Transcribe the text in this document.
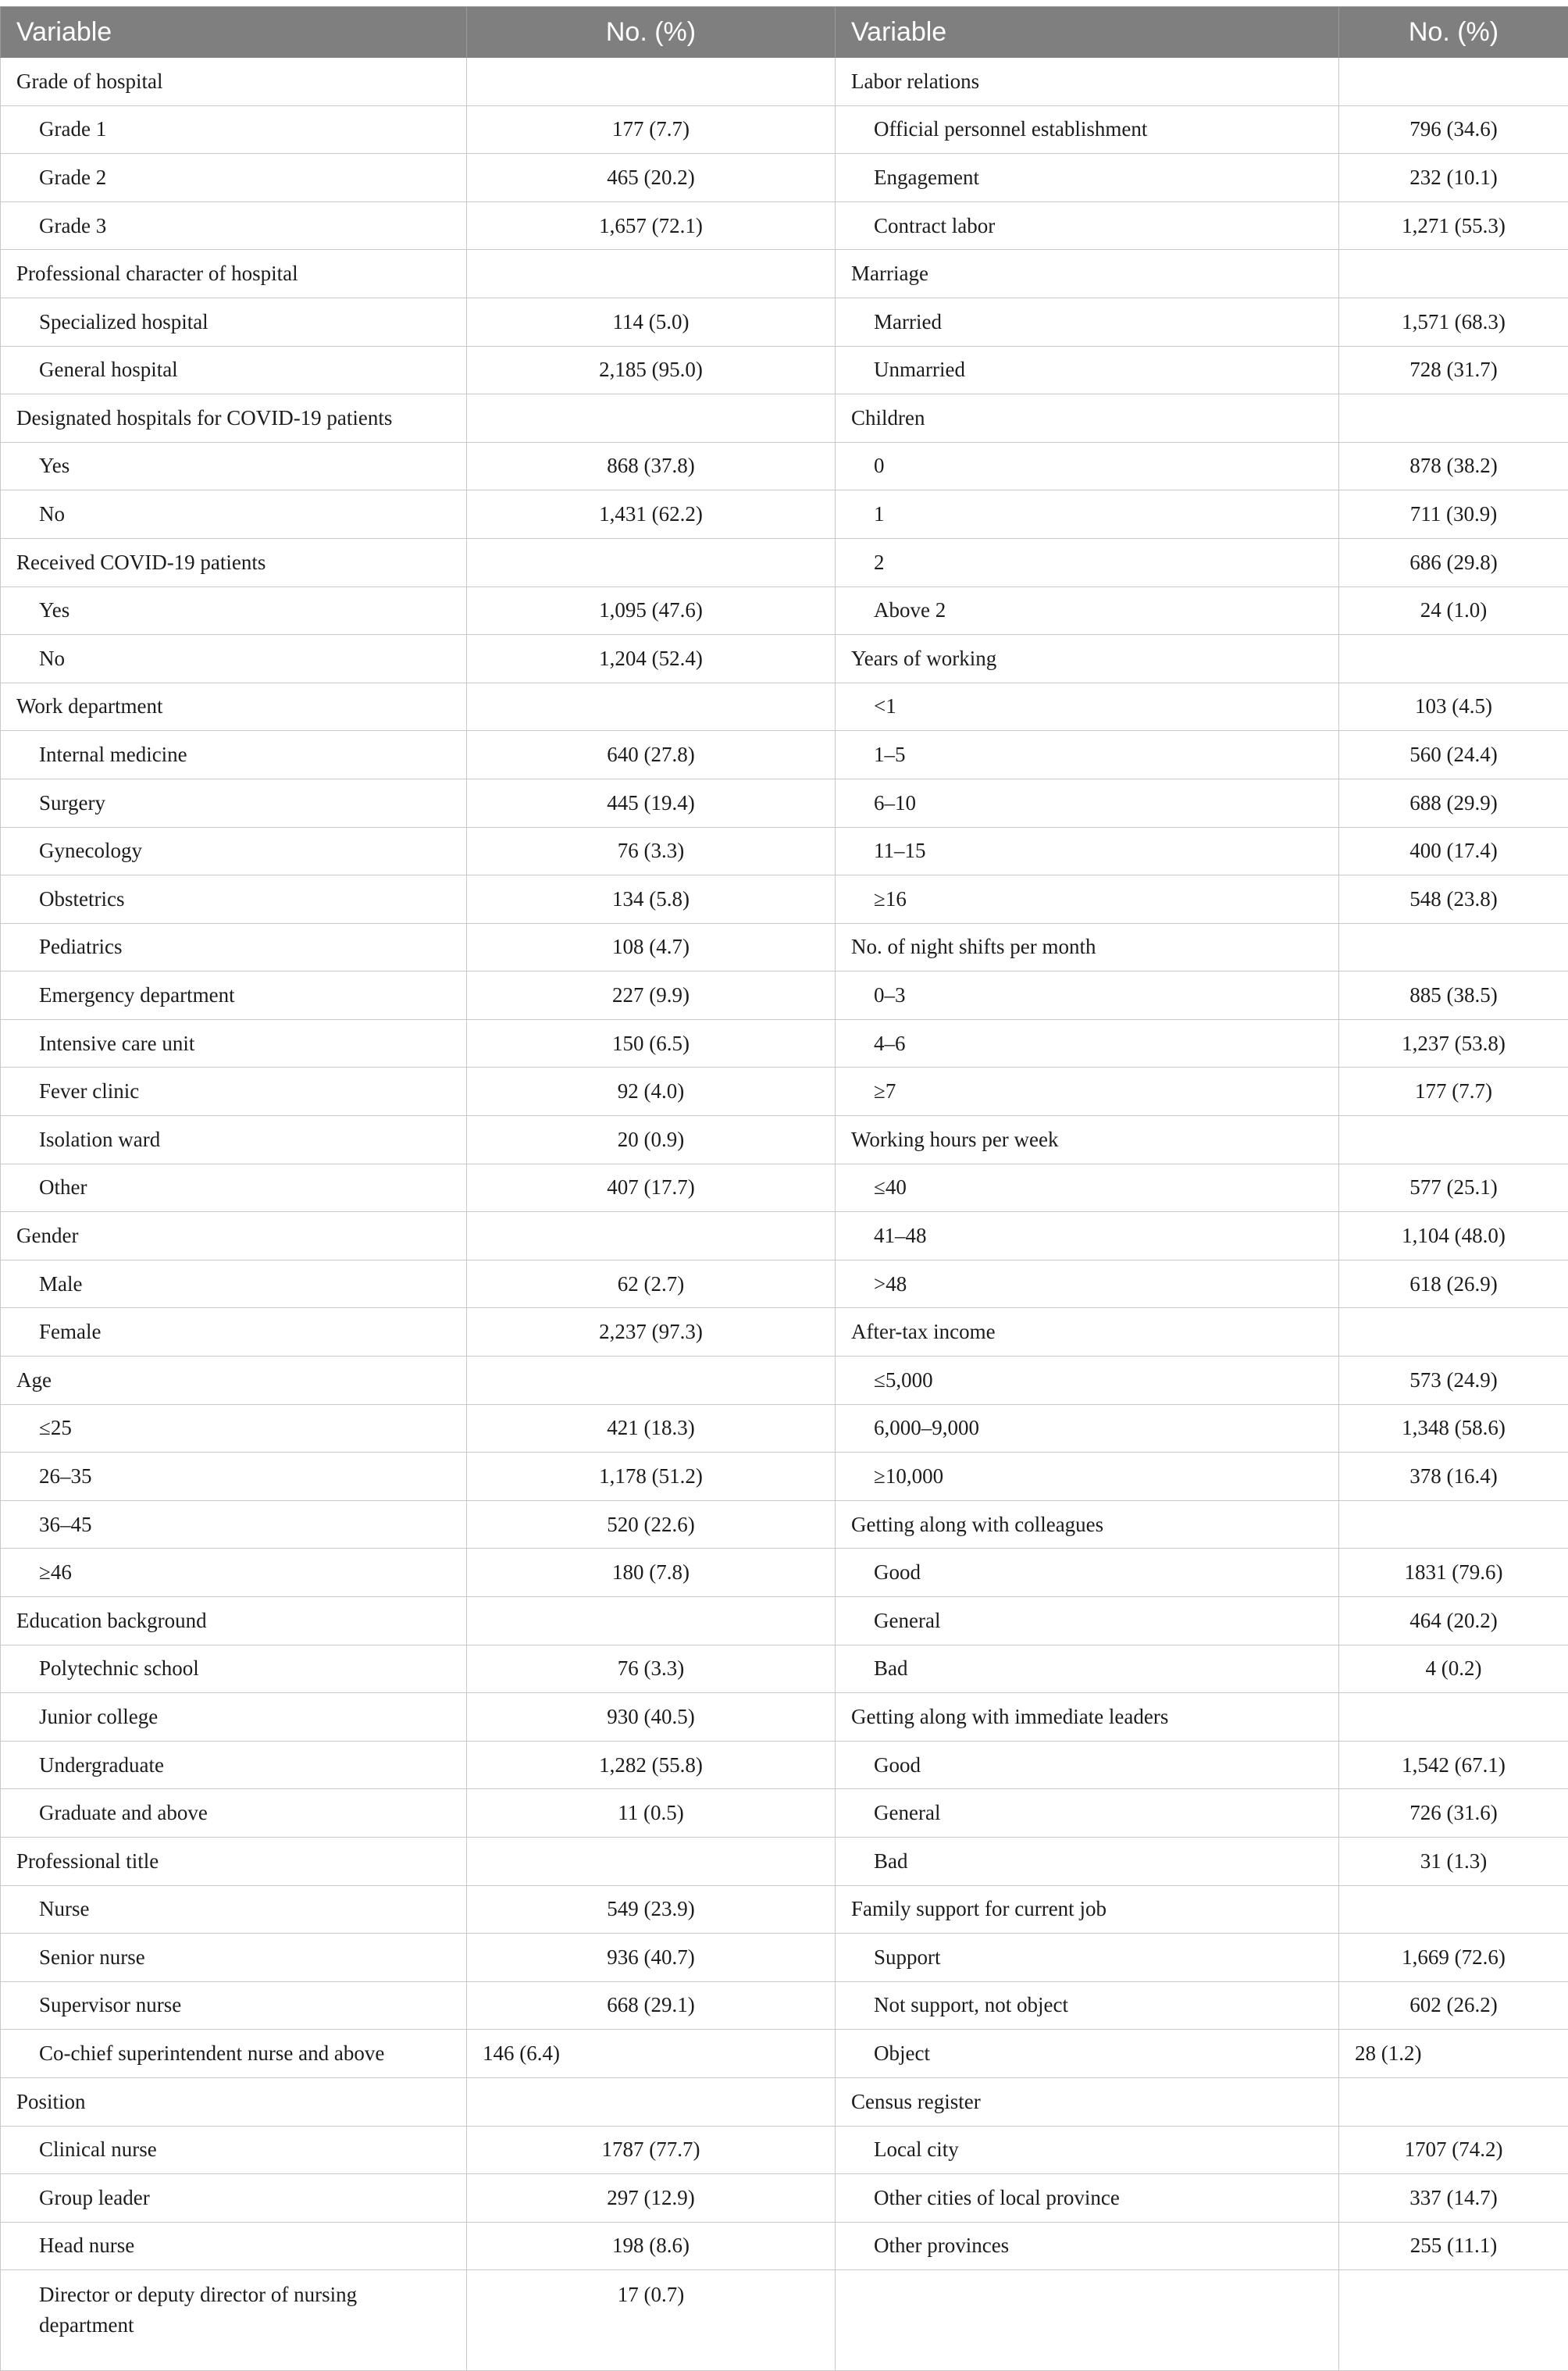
Variable	No. (%)	Variable	No. (%)
Grade of hospital		Labor relations	
Grade 1	177 (7.7)	Official personnel establishment	796 (34.6)
Grade 2	465 (20.2)	Engagement	232 (10.1)
Grade 3	1,657 (72.1)	Contract labor	1,271 (55.3)
Professional character of hospital		Marriage	
Specialized hospital	114 (5.0)	Married	1,571 (68.3)
General hospital	2,185 (95.0)	Unmarried	728 (31.7)
Designated hospitals for COVID-19 patients		Children	
Yes	868 (37.8)	0	878 (38.2)
No	1,431 (62.2)	1	711 (30.9)
Received COVID-19 patients		2	686 (29.8)
Yes	1,095 (47.6)	Above 2	24 (1.0)
No	1,204 (52.4)	Years of working	
Work department		<1	103 (4.5)
Internal medicine	640 (27.8)	1–5	560 (24.4)
Surgery	445 (19.4)	6–10	688 (29.9)
Gynecology	76 (3.3)	11–15	400 (17.4)
Obstetrics	134 (5.8)	≥16	548 (23.8)
Pediatrics	108 (4.7)	No. of night shifts per month	
Emergency department	227 (9.9)	0–3	885 (38.5)
Intensive care unit	150 (6.5)	4–6	1,237 (53.8)
Fever clinic	92 (4.0)	≥7	177 (7.7)
Isolation ward	20 (0.9)	Working hours per week	
Other	407 (17.7)	≤40	577 (25.1)
Gender		41–48	1,104 (48.0)
Male	62 (2.7)	>48	618 (26.9)
Female	2,237 (97.3)	After-tax income	
Age		≤5,000	573 (24.9)
≤25	421 (18.3)	6,000–9,000	1,348 (58.6)
26–35	1,178 (51.2)	≥10,000	378 (16.4)
36–45	520 (22.6)	Getting along with colleagues	
≥46	180 (7.8)	Good	1831 (79.6)
Education background		General	464 (20.2)
Polytechnic school	76 (3.3)	Bad	4 (0.2)
Junior college	930 (40.5)	Getting along with immediate leaders	
Undergraduate	1,282 (55.8)	Good	1,542 (67.1)
Graduate and above	11 (0.5)	General	726 (31.6)
Professional title		Bad	31 (1.3)
Nurse	549 (23.9)	Family support for current job	
Senior nurse	936 (40.7)	Support	1,669 (72.6)
Supervisor nurse	668 (29.1)	Not support, not object	602 (26.2)
Co-chief superintendent nurse and above	146 (6.4)	Object	28 (1.2)
Position		Census register	
Clinical nurse	1787 (77.7)	Local city	1707 (74.2)
Group leader	297 (12.9)	Other cities of local province	337 (14.7)
Head nurse	198 (8.6)	Other provinces	255 (11.1)
Director or deputy director of nursing department	17 (0.7)		
